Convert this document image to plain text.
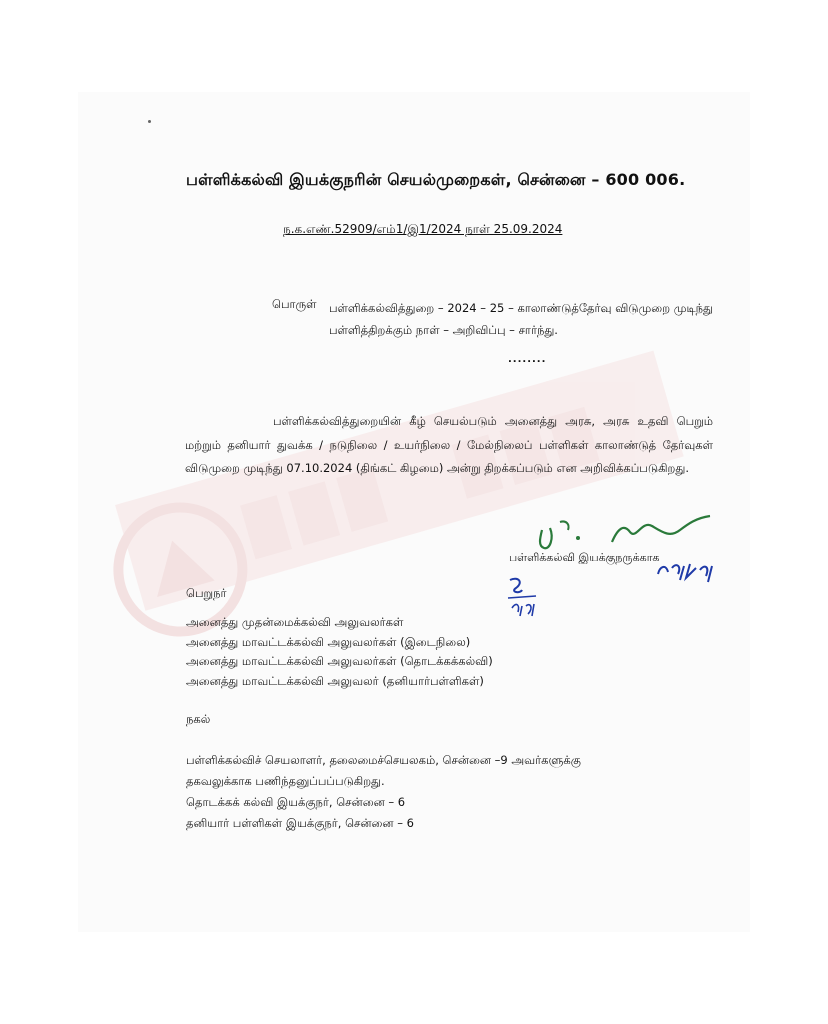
பள்ளிக்கல்வி இயக்குநரின் செயல்முறைகள், சென்னை – 600 006.
ந.க.எண்.52909/எம்1/இ1/2024 நாள் 25.09.2024
பொருள் பள்ளிக்கல்வித்துறை – 2024 – 25 – காலாண்டுத்தேர்வு விடுமுறை முடிந்து பள்ளித்திறக்கும் நாள் – அறிவிப்பு – சார்ந்து.
........
பள்ளிக்கல்வித்துறையின் கீழ் செயல்படும் அனைத்து அரசு, அரசு உதவி பெறும் மற்றும் தனியார் துவக்க / நடுநிலை / உயர்நிலை / மேல்நிலைப் பள்ளிகள் காலாண்டுத் தேர்வுகள் விடுமுறை முடிந்து 07.10.2024 (திங்கட் கிழமை) அன்று திறக்கப்படும் என அறிவிக்கப்படுகிறது.
பள்ளிக்கல்வி இயக்குநருக்காக
பெறுநர்
அனைத்து முதன்மைக்கல்வி அலுவலர்கள்
அனைத்து மாவட்டக்கல்வி அலுவலர்கள் (இடைநிலை)
அனைத்து மாவட்டக்கல்வி அலுவலர்கள் (தொடக்கக்கல்வி)
அனைத்து மாவட்டக்கல்வி அலுவலர் (தனியார்பள்ளிகள்)
நகல்
பள்ளிக்கல்விச் செயலாளர், தலைமைச்செயலகம், சென்னை –9 அவர்களுக்கு
தகவலுக்காக பணிந்தனுப்பப்படுகிறது.
தொடக்கக் கல்வி இயக்குநர், சென்னை – 6
தனியார் பள்ளிகள் இயக்குநர், சென்னை – 6
